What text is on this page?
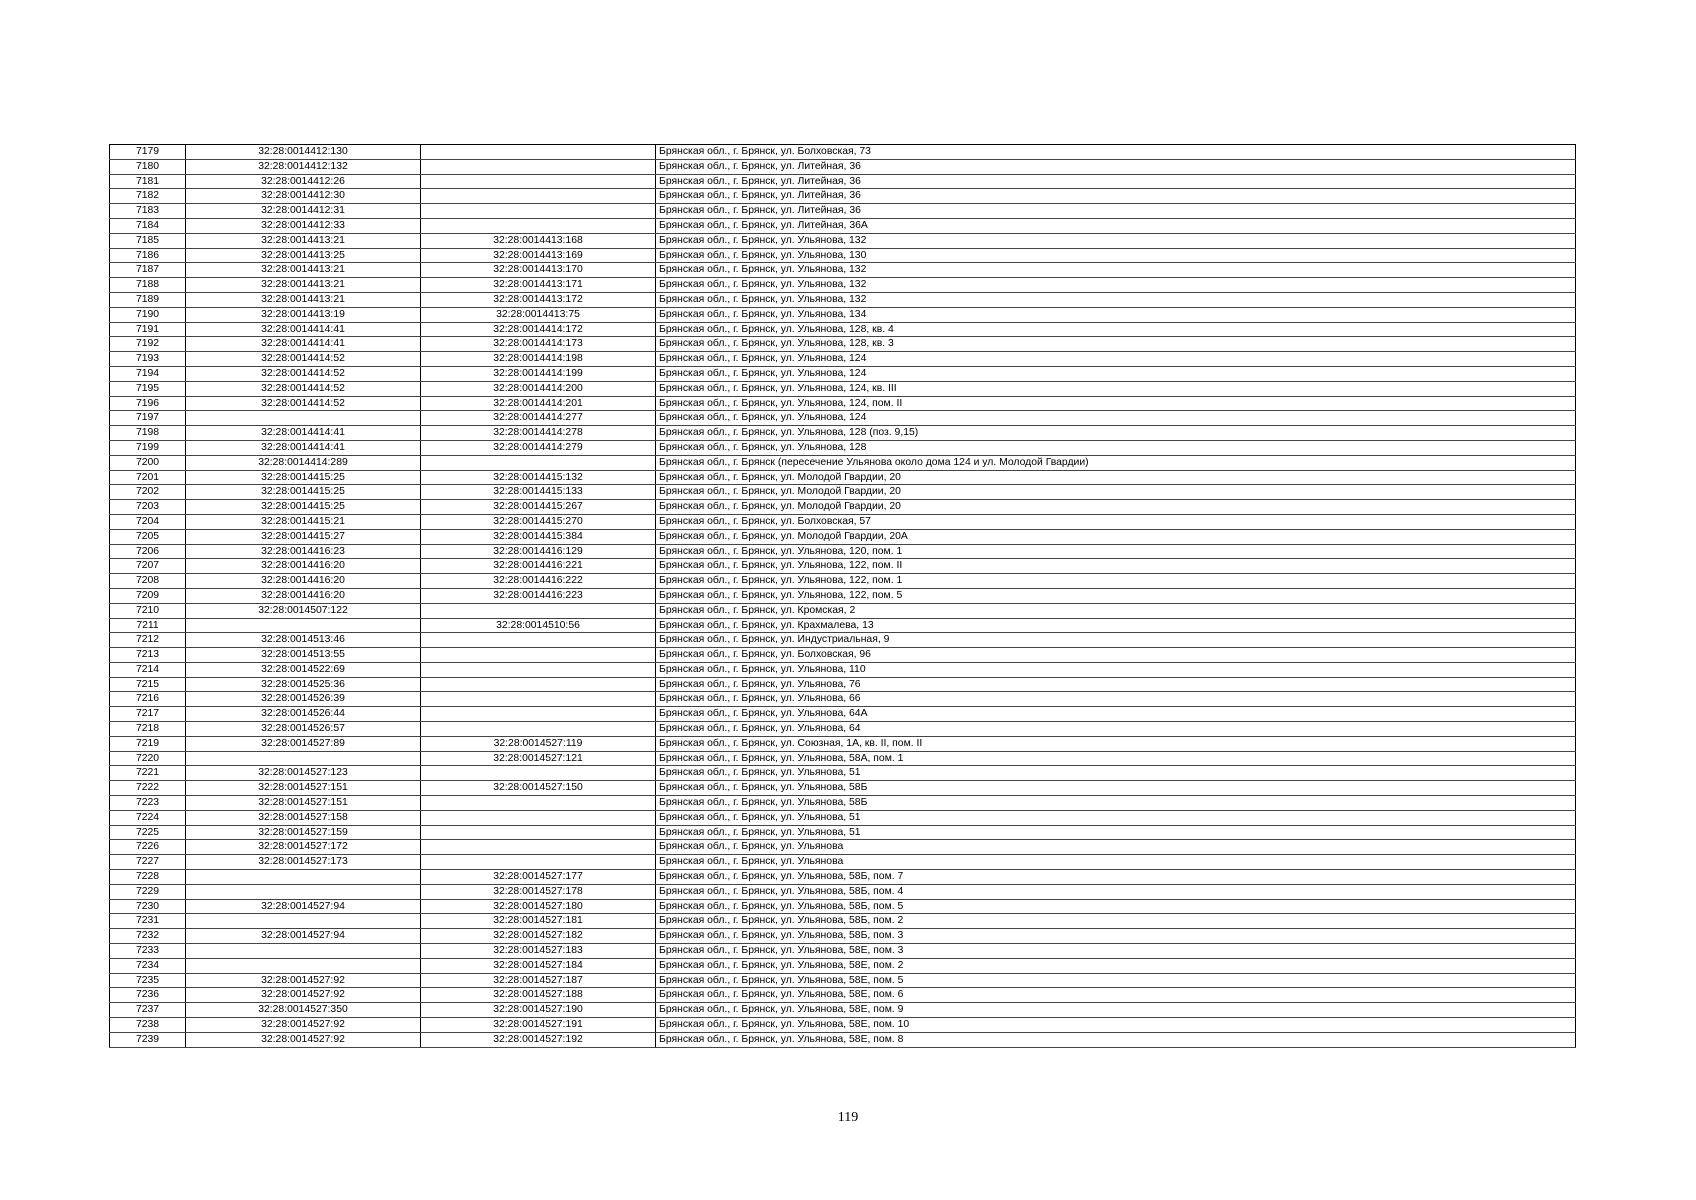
7179	32:28:0014412:130		Брянская обл., г. Брянск, ул. Болховская, 73
7180	32:28:0014412:132		Брянская обл., г. Брянск, ул. Литейная, 36
7181	32:28:0014412:26		Брянская обл., г. Брянск, ул. Литейная, 36
7182	32:28:0014412:30		Брянская обл., г. Брянск, ул. Литейная, 36
7183	32:28:0014412:31		Брянская обл., г. Брянск, ул. Литейная, 36
7184	32:28:0014412:33		Брянская обл., г. Брянск, ул. Литейная, 36А
7185	32:28:0014413:21	32:28:0014413:168	Брянская обл., г. Брянск, ул. Ульянова, 132
7186	32:28:0014413:25	32:28:0014413:169	Брянская обл., г. Брянск, ул. Ульянова, 130
7187	32:28:0014413:21	32:28:0014413:170	Брянская обл., г. Брянск, ул. Ульянова, 132
7188	32:28:0014413:21	32:28:0014413:171	Брянская обл., г. Брянск, ул. Ульянова, 132
7189	32:28:0014413:21	32:28:0014413:172	Брянская обл., г. Брянск, ул. Ульянова, 132
7190	32:28:0014413:19	32:28:0014413:75	Брянская обл., г. Брянск, ул. Ульянова, 134
7191	32:28:0014414:41	32:28:0014414:172	Брянская обл., г. Брянск, ул. Ульянова, 128, кв. 4
7192	32:28:0014414:41	32:28:0014414:173	Брянская обл., г. Брянск, ул. Ульянова, 128, кв. 3
7193	32:28:0014414:52	32:28:0014414:198	Брянская обл., г. Брянск, ул. Ульянова, 124
7194	32:28:0014414:52	32:28:0014414:199	Брянская обл., г. Брянск, ул. Ульянова, 124
7195	32:28:0014414:52	32:28:0014414:200	Брянская обл., г. Брянск, ул. Ульянова, 124, кв. III
7196	32:28:0014414:52	32:28:0014414:201	Брянская обл., г. Брянск, ул. Ульянова, 124, пом. II
7197		32:28:0014414:277	Брянская обл., г. Брянск, ул. Ульянова, 124
7198	32:28:0014414:41	32:28:0014414:278	Брянская обл., г. Брянск, ул. Ульянова, 128 (поз. 9,15)
7199	32:28:0014414:41	32:28:0014414:279	Брянская обл., г. Брянск, ул. Ульянова, 128
7200	32:28:0014414:289		Брянская обл., г. Брянск (пересечение Ульянова около дома 124 и ул. Молодой Гвардии)
7201	32:28:0014415:25	32:28:0014415:132	Брянская обл., г. Брянск, ул. Молодой Гвардии, 20
7202	32:28:0014415:25	32:28:0014415:133	Брянская обл., г. Брянск, ул. Молодой Гвардии, 20
7203	32:28:0014415:25	32:28:0014415:267	Брянская обл., г. Брянск, ул. Молодой Гвардии, 20
7204	32:28:0014415:21	32:28:0014415:270	Брянская обл., г. Брянск, ул. Болховская, 57
7205	32:28:0014415:27	32:28:0014415:384	Брянская обл., г. Брянск, ул. Молодой Гвардии, 20А
7206	32:28:0014416:23	32:28:0014416:129	Брянская обл., г. Брянск, ул. Ульянова, 120, пом. 1
7207	32:28:0014416:20	32:28:0014416:221	Брянская обл., г. Брянск, ул. Ульянова, 122, пом. II
7208	32:28:0014416:20	32:28:0014416:222	Брянская обл., г. Брянск, ул. Ульянова, 122, пом. 1
7209	32:28:0014416:20	32:28:0014416:223	Брянская обл., г. Брянск, ул. Ульянова, 122, пом. 5
7210	32:28:0014507:122		Брянская обл., г. Брянск, ул. Кромская, 2
7211		32:28:0014510:56	Брянская обл., г. Брянск, ул. Крахмалева, 13
7212	32:28:0014513:46		Брянская обл., г. Брянск, ул. Индустриальная, 9
7213	32:28:0014513:55		Брянская обл., г. Брянск, ул. Болховская, 96
7214	32:28:0014522:69		Брянская обл., г. Брянск, ул. Ульянова, 110
7215	32:28:0014525:36		Брянская обл., г. Брянск, ул. Ульянова, 76
7216	32:28:0014526:39		Брянская обл., г. Брянск, ул. Ульянова, 66
7217	32:28:0014526:44		Брянская обл., г. Брянск, ул. Ульянова, 64А
7218	32:28:0014526:57		Брянская обл., г. Брянск, ул. Ульянова, 64
7219	32:28:0014527:89	32:28:0014527:119	Брянская обл., г. Брянск, ул. Союзная, 1А, кв. II, пом. II
7220		32:28:0014527:121	Брянская обл., г. Брянск, ул. Ульянова, 58А, пом. 1
7221	32:28:0014527:123		Брянская обл., г. Брянск, ул. Ульянова, 51
7222	32:28:0014527:151	32:28:0014527:150	Брянская обл., г. Брянск, ул. Ульянова, 58Б
7223	32:28:0014527:151		Брянская обл., г. Брянск, ул. Ульянова, 58Б
7224	32:28:0014527:158		Брянская обл., г. Брянск, ул. Ульянова, 51
7225	32:28:0014527:159		Брянская обл., г. Брянск, ул. Ульянова, 51
7226	32:28:0014527:172		Брянская обл., г. Брянск, ул. Ульянова
7227	32:28:0014527:173		Брянская обл., г. Брянск, ул. Ульянова
7228		32:28:0014527:177	Брянская обл., г. Брянск, ул. Ульянова, 58Б, пом. 7
7229		32:28:0014527:178	Брянская обл., г. Брянск, ул. Ульянова, 58Б, пом. 4
7230	32:28:0014527:94	32:28:0014527:180	Брянская обл., г. Брянск, ул. Ульянова, 58Б, пом. 5
7231		32:28:0014527:181	Брянская обл., г. Брянск, ул. Ульянова, 58Б, пом. 2
7232	32:28:0014527:94	32:28:0014527:182	Брянская обл., г. Брянск, ул. Ульянова, 58Б, пом. 3
7233		32:28:0014527:183	Брянская обл., г. Брянск, ул. Ульянова, 58Е, пом. 3
7234		32:28:0014527:184	Брянская обл., г. Брянск, ул. Ульянова, 58Е, пом. 2
7235	32:28:0014527:92	32:28:0014527:187	Брянская обл., г. Брянск, ул. Ульянова, 58Е, пом. 5
7236	32:28:0014527:92	32:28:0014527:188	Брянская обл., г. Брянск, ул. Ульянова, 58Е, пом. 6
7237	32:28:0014527:350	32:28:0014527:190	Брянская обл., г. Брянск, ул. Ульянова, 58Е, пом. 9
7238	32:28:0014527:92	32:28:0014527:191	Брянская обл., г. Брянск, ул. Ульянова, 58Е, пом. 10
7239	32:28:0014527:92	32:28:0014527:192	Брянская обл., г. Брянск, ул. Ульянова, 58Е, пом. 8
119
